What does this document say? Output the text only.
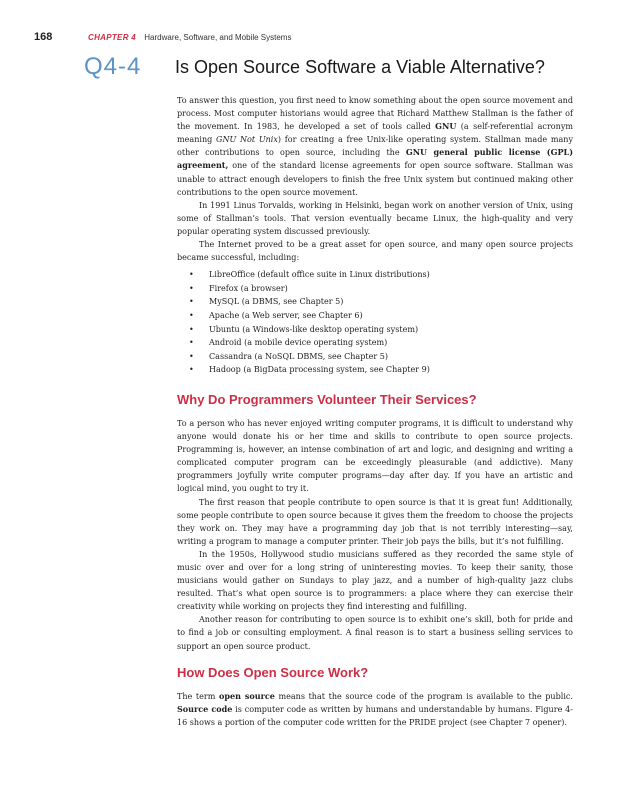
168	CHAPTER 4 Hardware, Software, and Mobile Systems
Q4-4 Is Open Source Software a Viable Alternative?

To answer this question, you first need to know something about the open source movement and process. Most computer historians would agree that Richard Matthew Stallman is the father of the movement. In 1983, he developed a set of tools called GNU (a self-referential acronym meaning GNU Not Unix) for creating a free Unix-like operating system. Stallman made many other contributions to open source, including the GNU general public license (GPL) agreement, one of the standard license agreements for open source software. Stallman was unable to attract enough developers to finish the free Unix system but continued making other contributions to the open source movement.

In 1991 Linus Torvalds, working in Helsinki, began work on another version of Unix, using some of Stallman’s tools. That version eventually became Linux, the high-quality and very popular operating system discussed previously.

The Internet proved to be a great asset for open source, and many open source projects became successful, including:

• LibreOffice (default office suite in Linux distributions)
• Firefox (a browser)
• MySQL (a DBMS, see Chapter 5)
• Apache (a Web server, see Chapter 6)
• Ubuntu (a Windows-like desktop operating system)
• Android (a mobile device operating system)
• Cassandra (a NoSQL DBMS, see Chapter 5)
• Hadoop (a BigData processing system, see Chapter 9)
Why Do Programmers Volunteer Their Services?

To a person who has never enjoyed writing computer programs, it is difficult to understand why anyone would donate his or her time and skills to contribute to open source projects. Programming is, however, an intense combination of art and logic, and designing and writing a complicated computer program can be exceedingly pleasurable (and addictive). Many programmers joyfully write computer programs—day after day. If you have an artistic and logical mind, you ought to try it.

The first reason that people contribute to open source is that it is great fun! Additionally, some people contribute to open source because it gives them the freedom to choose the projects they work on. They may have a programming day job that is not terribly interesting—say, writing a program to manage a computer printer. Their job pays the bills, but it’s not fulfilling.

In the 1950s, Hollywood studio musicians suffered as they recorded the same style of music over and over for a long string of uninteresting movies. To keep their sanity, those musicians would gather on Sundays to play jazz, and a number of high-quality jazz clubs resulted. That’s what open source is to programmers: a place where they can exercise their creativity while working on projects they find interesting and fulfilling.

Another reason for contributing to open source is to exhibit one’s skill, both for pride and to find a job or consulting employment. A final reason is to start a business selling services to support an open source product.

How Does Open Source Work?

The term open source means that the source code of the program is available to the public. Source code is computer code as written by humans and understandable by humans. Figure 4-16 shows a portion of the computer code written for the PRIDE project (see Chapter 7 opener).
